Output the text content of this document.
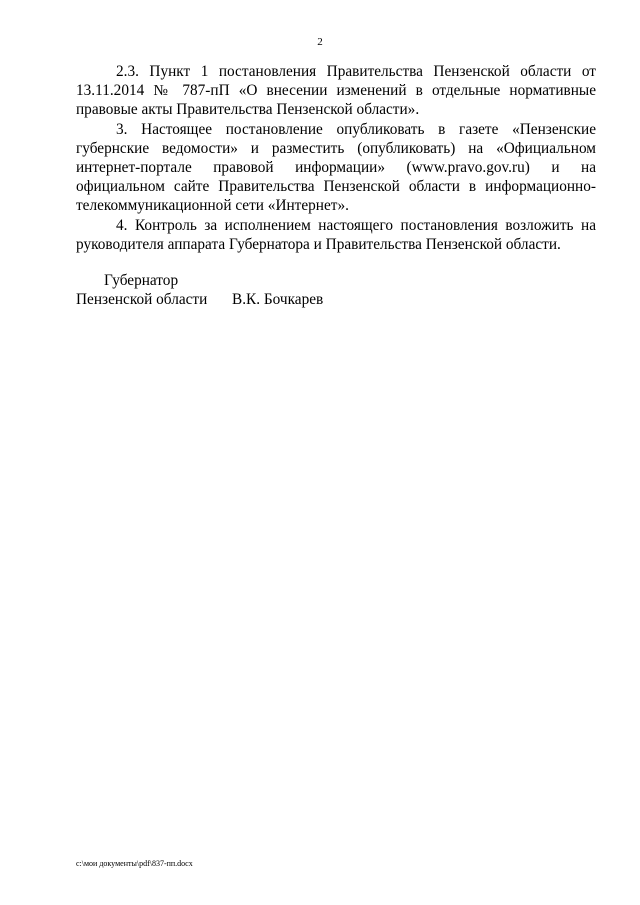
2

2.3. Пункт 1 постановления Правительства Пензенской области от 13.11.2014 № 787-пП «О внесении изменений в отдельные нормативные правовые акты Правительства Пензенской области».

3. Настоящее постановление опубликовать в газете «Пензенские губернские ведомости» и разместить (опубликовать) на «Официальном интернет-портале правовой информации» (www.pravo.gov.ru) и на официальном сайте Правительства Пензенской области в информационно-телекоммуникационной сети «Интернет».

4. Контроль за исполнением настоящего постановления возложить на руководителя аппарата Губернатора и Правительства Пензенской области.

Губернатор
Пензенской области В.К. Бочкарев
c:\мои документы\pdf\837-пп.docx
